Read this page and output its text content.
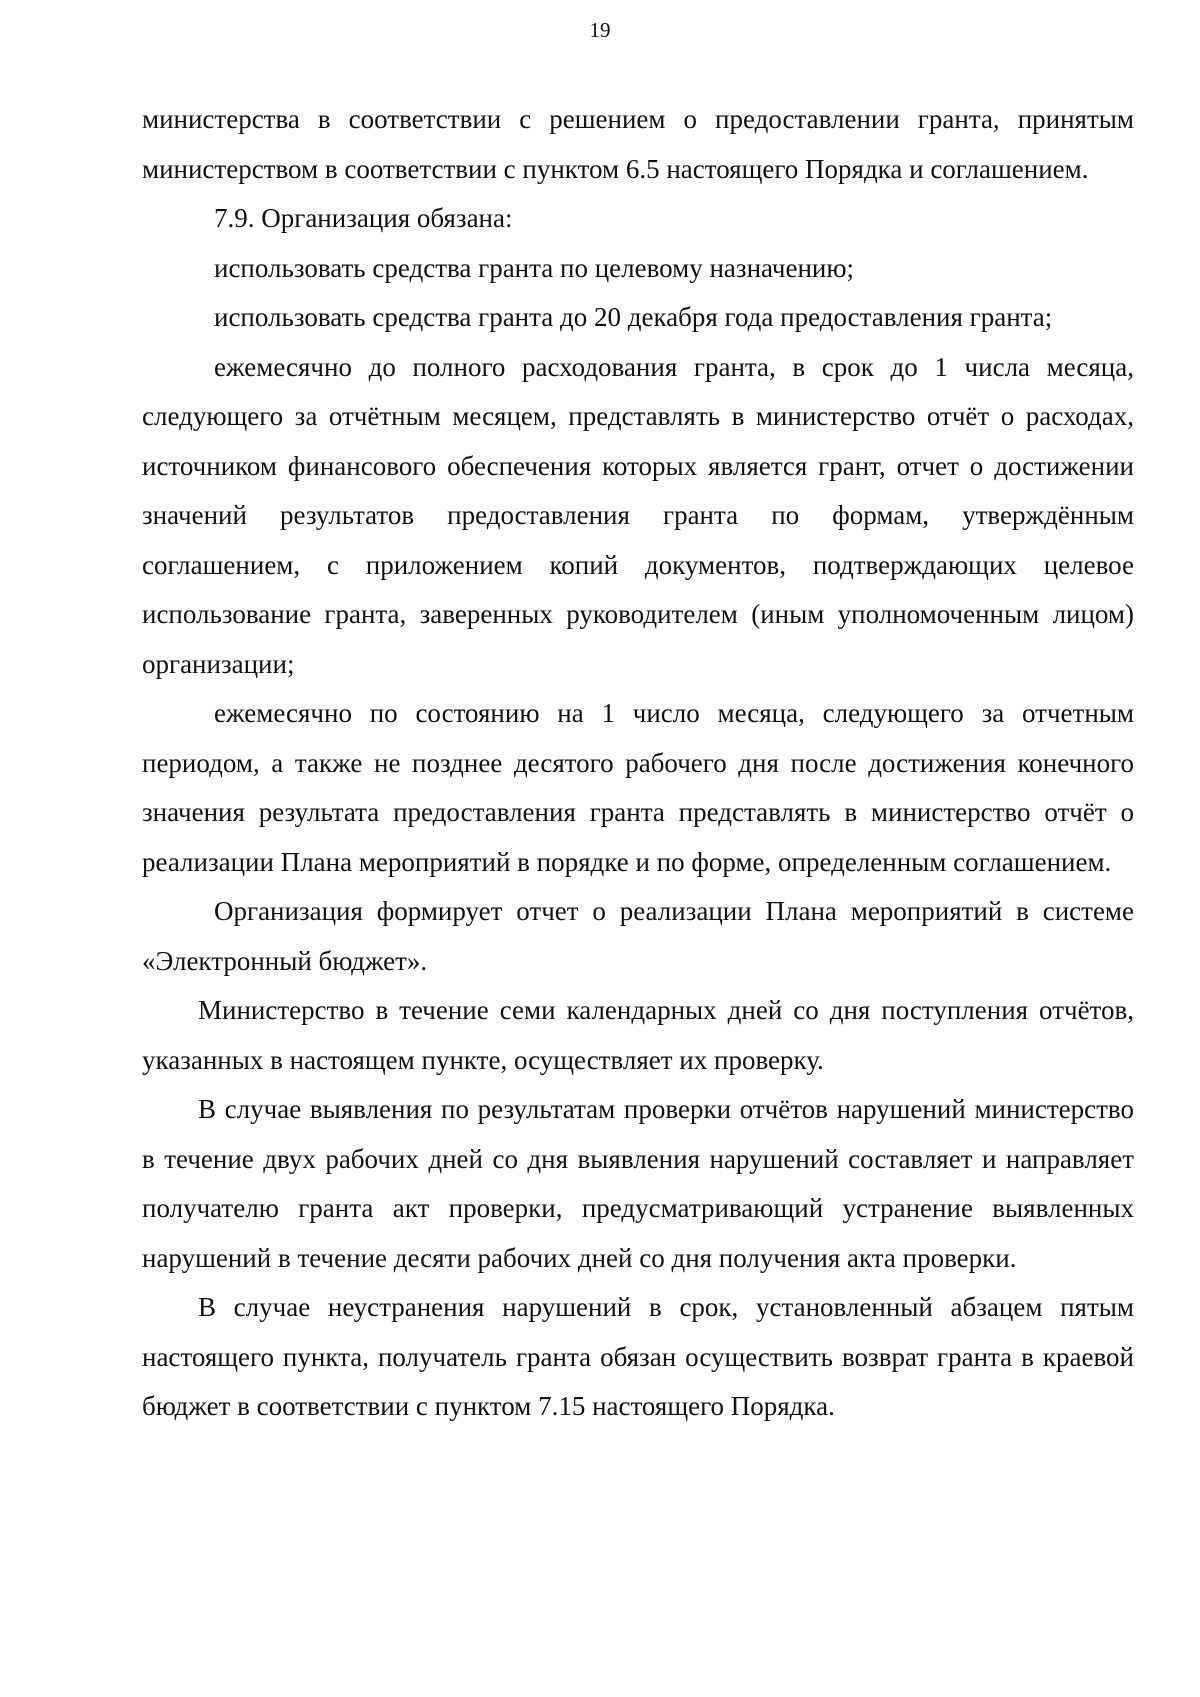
19

министерства в соответствии с решением о предоставлении гранта, принятым министерством в соответствии с пунктом 6.5 настоящего Порядка и соглашением.

7.9. Организация обязана:

использовать средства гранта по целевому назначению;

использовать средства гранта до 20 декабря года предоставления гранта;

ежемесячно до полного расходования гранта, в срок до 1 числа месяца, следующего за отчётным месяцем, представлять в министерство отчёт о расходах, источником финансового обеспечения которых является грант, отчет о достижении значений результатов предоставления гранта по формам, утверждённым соглашением, с приложением копий документов, подтверждающих целевое использование гранта, заверенных руководителем (иным уполномоченным лицом) организации;

ежемесячно по состоянию на 1 число месяца, следующего за отчетным периодом, а также не позднее десятого рабочего дня после достижения конечного значения результата предоставления гранта представлять в министерство отчёт о реализации Плана мероприятий в порядке и по форме, определенным соглашением.

Организация формирует отчет о реализации Плана мероприятий в системе «Электронный бюджет».

Министерство в течение семи календарных дней со дня поступления отчётов, указанных в настоящем пункте, осуществляет их проверку.

В случае выявления по результатам проверки отчётов нарушений министерство в течение двух рабочих дней со дня выявления нарушений составляет и направляет получателю гранта акт проверки, предусматривающий устранение выявленных нарушений в течение десяти рабочих дней со дня получения акта проверки.

В случае неустранения нарушений в срок, установленный абзацем пятым настоящего пункта, получатель гранта обязан осуществить возврат гранта в краевой бюджет в соответствии с пунктом 7.15 настоящего Порядка.
